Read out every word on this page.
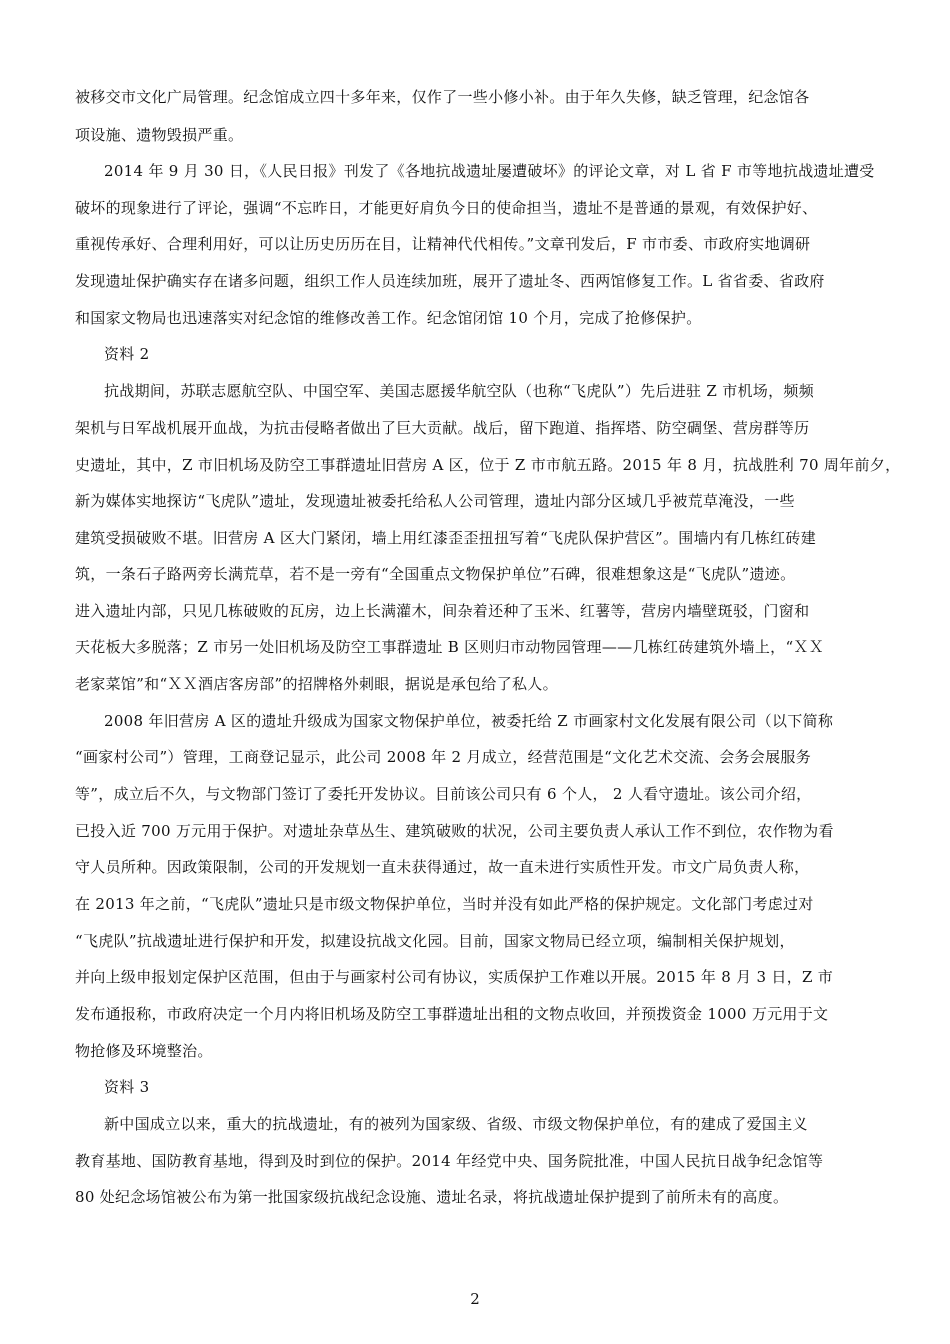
被移交市文化广局管理。纪念馆成立四十多年来，仅作了一些小修小补。由于年久失修，缺乏管理，纪念馆各
项设施、遗物毁损严重。
2014 年 9 月 30 日，《人民日报》刊发了《各地抗战遗址屡遭破坏》的评论文章，对 L 省 F 市等地抗战遗址遭受
破坏的现象进行了评论，强调“不忘昨日，才能更好肩负今日的使命担当，遗址不是普通的景观，有效保护好、
重视传承好、合理利用好，可以让历史历历在目，让精神代代相传。”文章刊发后，F 市市委、市政府实地调研
发现遗址保护确实存在诸多问题，组织工作人员连续加班，展开了遗址冬、西两馆修复工作。L 省省委、省政府
和国家文物局也迅速落实对纪念馆的维修改善工作。纪念馆闭馆 10 个月，完成了抢修保护。
资料 2
抗战期间，苏联志愿航空队、中国空军、美国志愿援华航空队（也称“飞虎队”）先后进驻 Z 市机场，频频
架机与日军战机展开血战，为抗击侵略者做出了巨大贡献。战后，留下跑道、指挥塔、防空碉堡、营房群等历
史遗址，其中，Z 市旧机场及防空工事群遗址旧营房 A 区，位于 Z 市市航五路。2015 年 8 月，抗战胜利 70 周年前夕，
新为媒体实地探访“飞虎队”遗址，发现遗址被委托给私人公司管理，遗址内部分区域几乎被荒草淹没，一些
建筑受损破败不堪。旧营房 A 区大门紧闭，墙上用红漆歪歪扭扭写着“飞虎队保护营区”。围墙内有几栋红砖建
筑，一条石子路两旁长满荒草，若不是一旁有“全国重点文物保护单位”石碑，很难想象这是“飞虎队”遗迹。
进入遗址内部，只见几栋破败的瓦房，边上长满灌木，间杂着还种了玉米、红薯等，营房内墙壁斑驳，门窗和
天花板大多脱落；Z 市另一处旧机场及防空工事群遗址 B 区则归市动物园管理——几栋红砖建筑外墙上，“ＸＸ
老家菜馆”和“ＸＸ酒店客房部”的招牌格外刺眼，据说是承包给了私人。
2008 年旧营房 A 区的遗址升级成为国家文物保护单位，被委托给 Z 市画家村文化发展有限公司（以下简称
“画家村公司”）管理，工商登记显示，此公司 2008 年 2 月成立，经营范围是“文化艺术交流、会务会展服务
等”，成立后不久，与文物部门签订了委托开发协议。目前该公司只有 6 个人， 2 人看守遗址。该公司介绍，
已投入近 700 万元用于保护。对遗址杂草丛生、建筑破败的状况，公司主要负责人承认工作不到位，农作物为看
守人员所种。因政策限制，公司的开发规划一直未获得通过，故一直未进行实质性开发。市文广局负责人称，
在 2013 年之前，“飞虎队”遗址只是市级文物保护单位，当时并没有如此严格的保护规定。文化部门考虑过对
“飞虎队”抗战遗址进行保护和开发，拟建设抗战文化园。目前，国家文物局已经立项，编制相关保护规划，
并向上级申报划定保护区范围，但由于与画家村公司有协议，实质保护工作难以开展。2015 年 8 月 3 日，Z 市
发布通报称，市政府决定一个月内将旧机场及防空工事群遗址出租的文物点收回，并预拨资金 1000 万元用于文
物抢修及环境整治。
资料 3
新中国成立以来，重大的抗战遗址，有的被列为国家级、省级、市级文物保护单位，有的建成了爱国主义
教育基地、国防教育基地，得到及时到位的保护。2014 年经党中央、国务院批准，中国人民抗日战争纪念馆等
80 处纪念场馆被公布为第一批国家级抗战纪念设施、遗址名录，将抗战遗址保护提到了前所未有的高度。
2
